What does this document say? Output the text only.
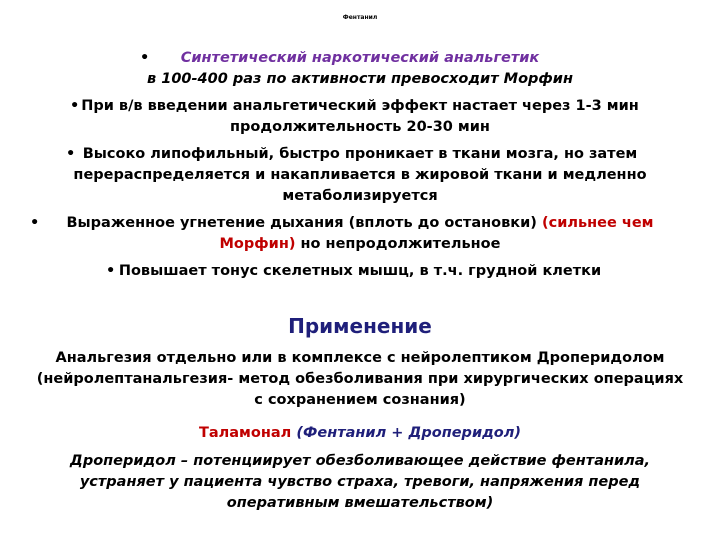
Фентанил
• Синтетический наркотический анальгетик
в 100-400 раз по активности превосходит Морфин
• При в/в введении анальгетический эффект настает через 1-3 мин продолжительность 20-30 мин
• Высоко липофильный, быстро проникает в ткани мозга, но затем перераспределяется и накапливается в жировой ткани и медленно метаболизируется
• Выраженное угнетение дыхания (вплоть до остановки) (сильнее чем Морфин) но непродолжительное
• Повышает тонус скелетных мышц, в т.ч. грудной клетки
Применение
Анальгезия отдельно или в комплексе с нейролептиком Дроперидолом (нейролептанальгезия- метод обезболивания при хирургических операциях с сохранением сознания)
Таламонал (Фентанил + Дроперидол)
Дроперидол – потенциирует обезболивающее действие фентанила, устраняет у пациента чувство страха, тревоги, напряжения перед оперативным вмешательством)
